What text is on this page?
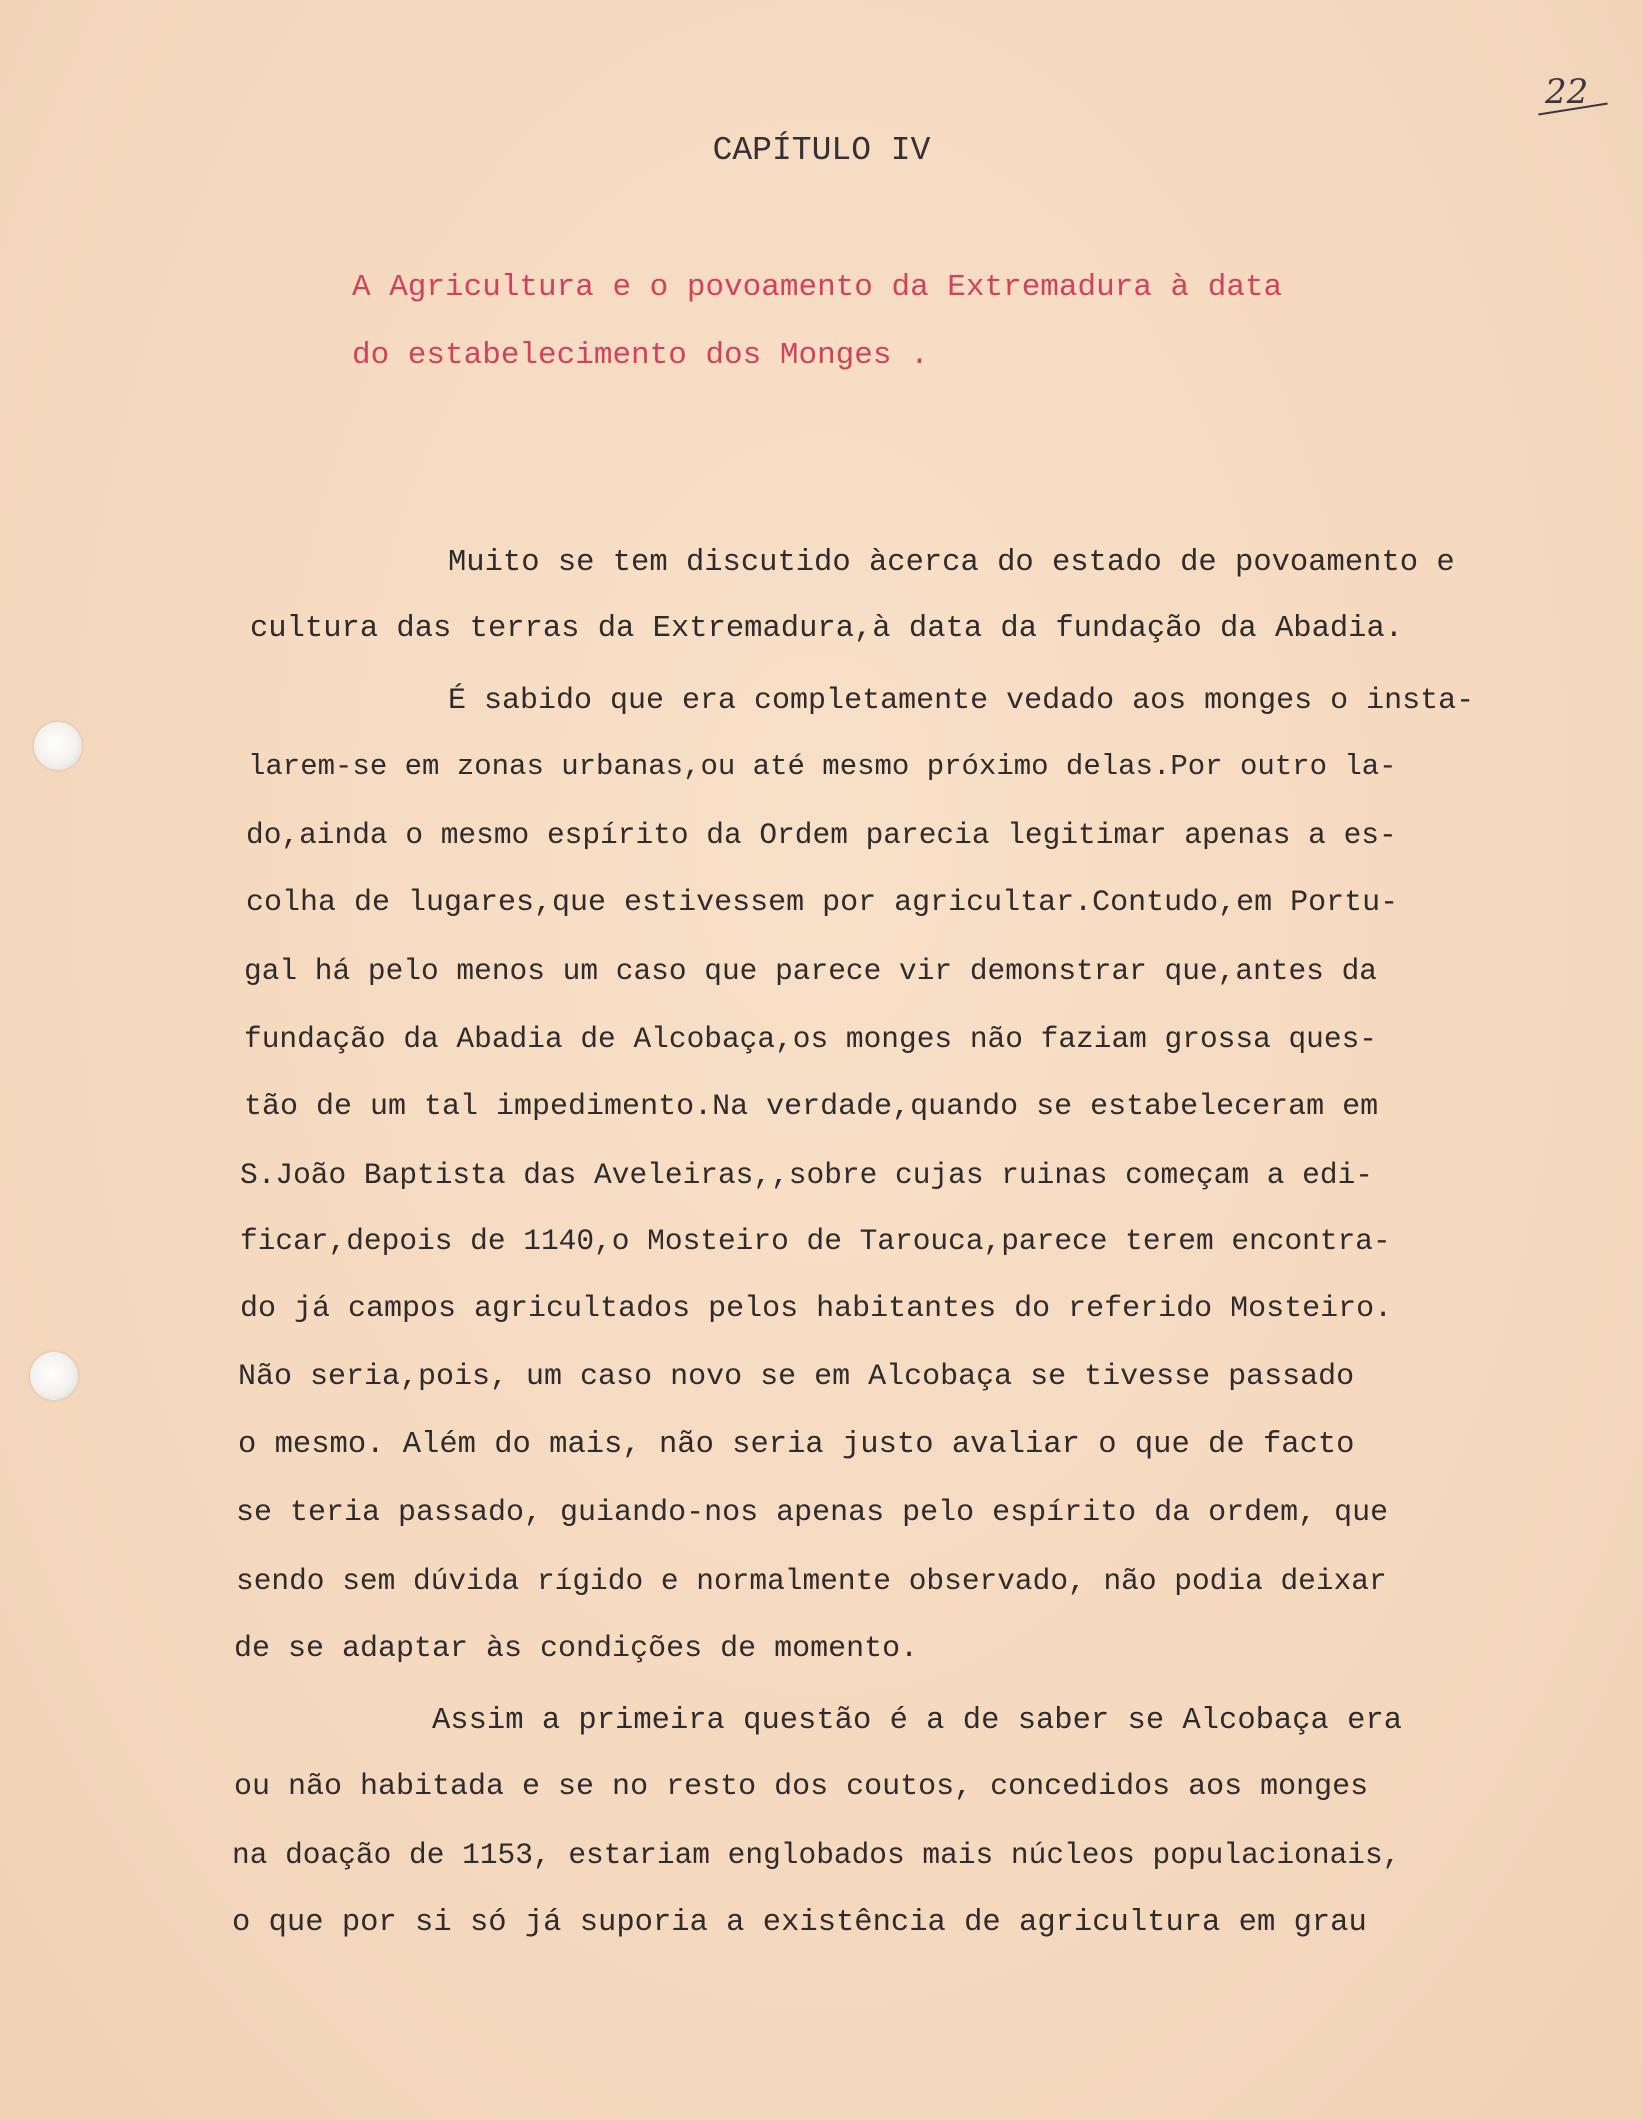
22
CAPÍTULO IV
A Agricultura e o povoamento da Extremadura à data
do estabelecimento dos Monges .
Muito se tem discutido àcerca do estado de povoamento e
cultura das terras da Extremadura,à data da fundação da Abadia.
É sabido que era completamente vedado aos monges o insta-
larem-se em zonas urbanas,ou até mesmo próximo delas.Por outro la-
do,ainda o mesmo espírito da Ordem parecia legitimar apenas a es-
colha de lugares,que estivessem por agricultar.Contudo,em Portu-
gal há pelo menos um caso que parece vir demonstrar que,antes da
fundação da Abadia de Alcobaça,os monges não faziam grossa ques-
tão de um tal impedimento.Na verdade,quando se estabeleceram em
S.João Baptista das Aveleiras,,sobre cujas ruinas começam a edi-
ficar,depois de 1140,o Mosteiro de Tarouca,parece terem encontra-
do já campos agricultados pelos habitantes do referido Mosteiro.
Não seria,pois, um caso novo se em Alcobaça se tivesse passado
o mesmo. Além do mais, não seria justo avaliar o que de facto
se teria passado, guiando-nos apenas pelo espírito da ordem, que
sendo sem dúvida rígido e normalmente observado, não podia deixar
de se adaptar às condições de momento.
Assim a primeira questão é a de saber se Alcobaça era
ou não habitada e se no resto dos coutos, concedidos aos monges
na doação de 1153, estariam englobados mais núcleos populacionais,
o que por si só já suporia a existência de agricultura em grau
